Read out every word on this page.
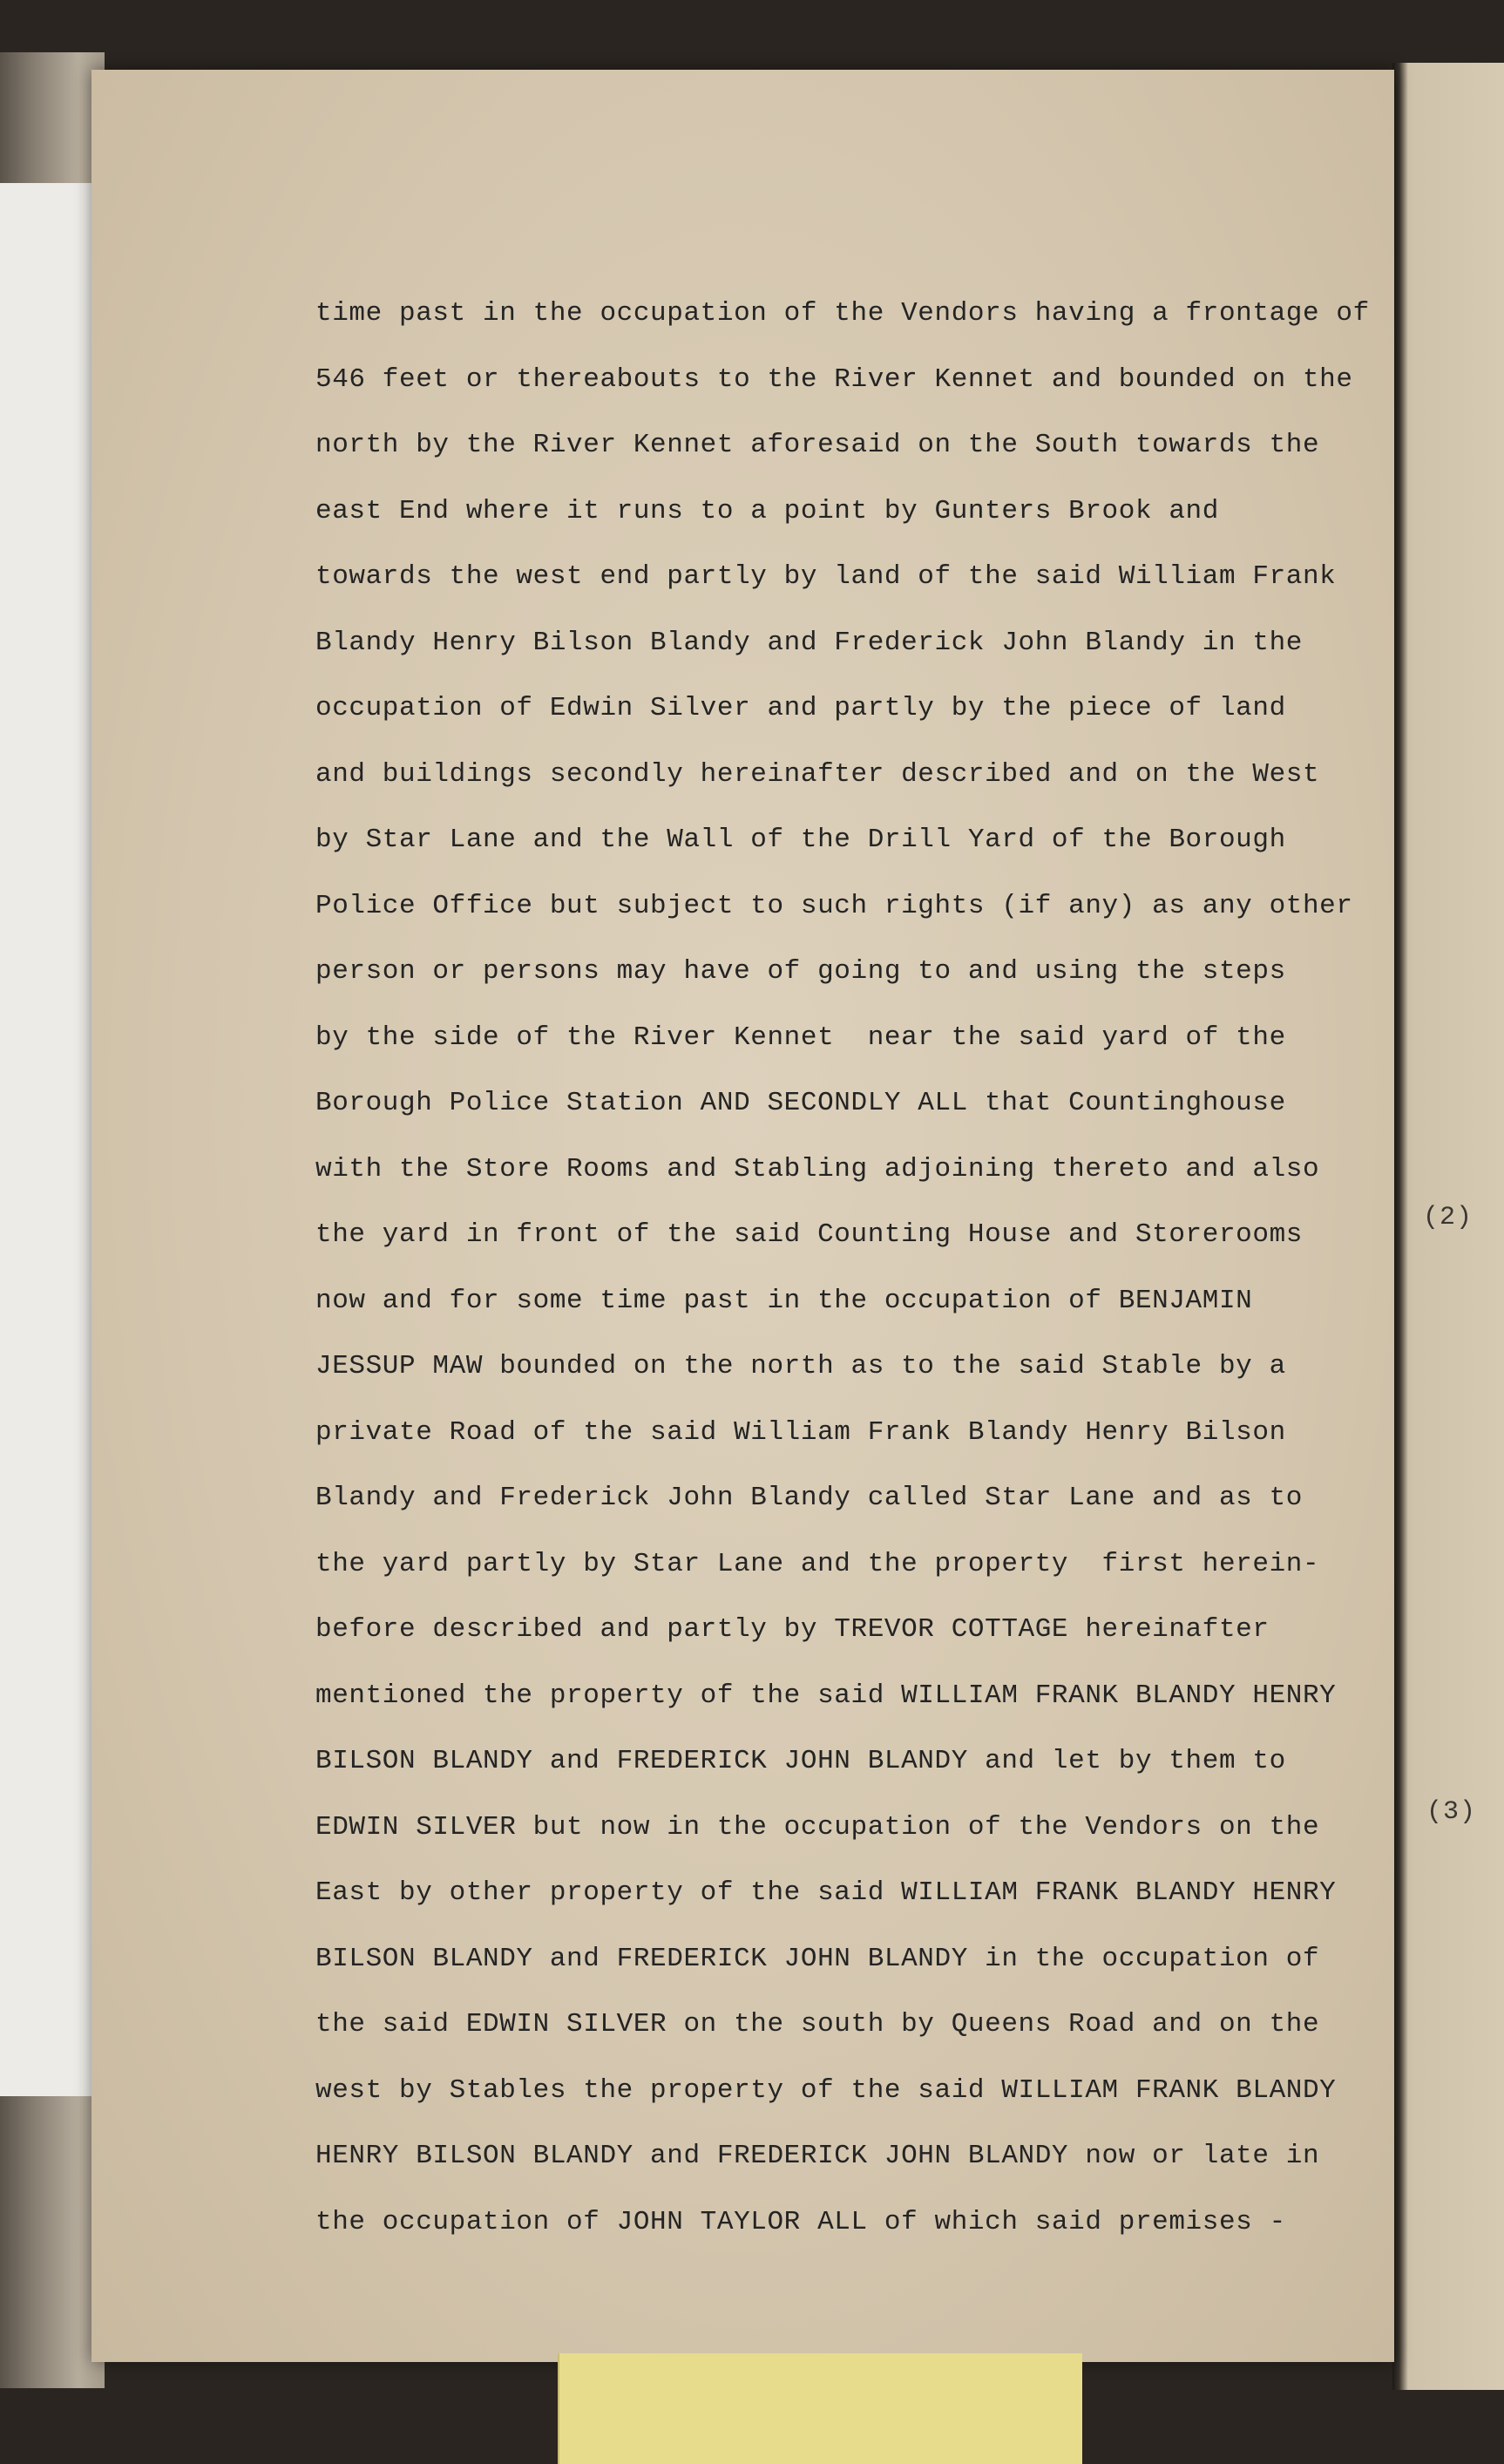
time past in the occupation of the Vendors having a frontage of
546 feet or thereabouts to the River Kennet and bounded on the
north by the River Kennet aforesaid on the South towards the
east End where it runs to a point by Gunters Brook and
towards the west end partly by land of the said William Frank
Blandy Henry Bilson Blandy and Frederick John Blandy in the
occupation of Edwin Silver and partly by the piece of land
and buildings secondly hereinafter described and on the West
by Star Lane and the Wall of the Drill Yard of the Borough
Police Office but subject to such rights (if any) as any other
person or persons may have of going to and using the steps
by the side of the River Kennet  near the said yard of the
Borough Police Station AND SECONDLY ALL that Countinghouse
with the Store Rooms and Stabling adjoining thereto and also
the yard in front of the said Counting House and Storerooms
now and for some time past in the occupation of BENJAMIN
JESSUP MAW bounded on the north as to the said Stable by a
private Road of the said William Frank Blandy Henry Bilson
Blandy and Frederick John Blandy called Star Lane and as to
the yard partly by Star Lane and the property  first herein-
before described and partly by TREVOR COTTAGE hereinafter
mentioned the property of the said WILLIAM FRANK BLANDY HENRY
BILSON BLANDY and FREDERICK JOHN BLANDY and let by them to
EDWIN SILVER but now in the occupation of the Vendors on the
East by other property of the said WILLIAM FRANK BLANDY HENRY
BILSON BLANDY and FREDERICK JOHN BLANDY in the occupation of
the said EDWIN SILVER on the south by Queens Road and on the
west by Stables the property of the said WILLIAM FRANK BLANDY
HENRY BILSON BLANDY and FREDERICK JOHN BLANDY now or late in
the occupation of JOHN TAYLOR ALL of which said premises -
(2)
(3)
